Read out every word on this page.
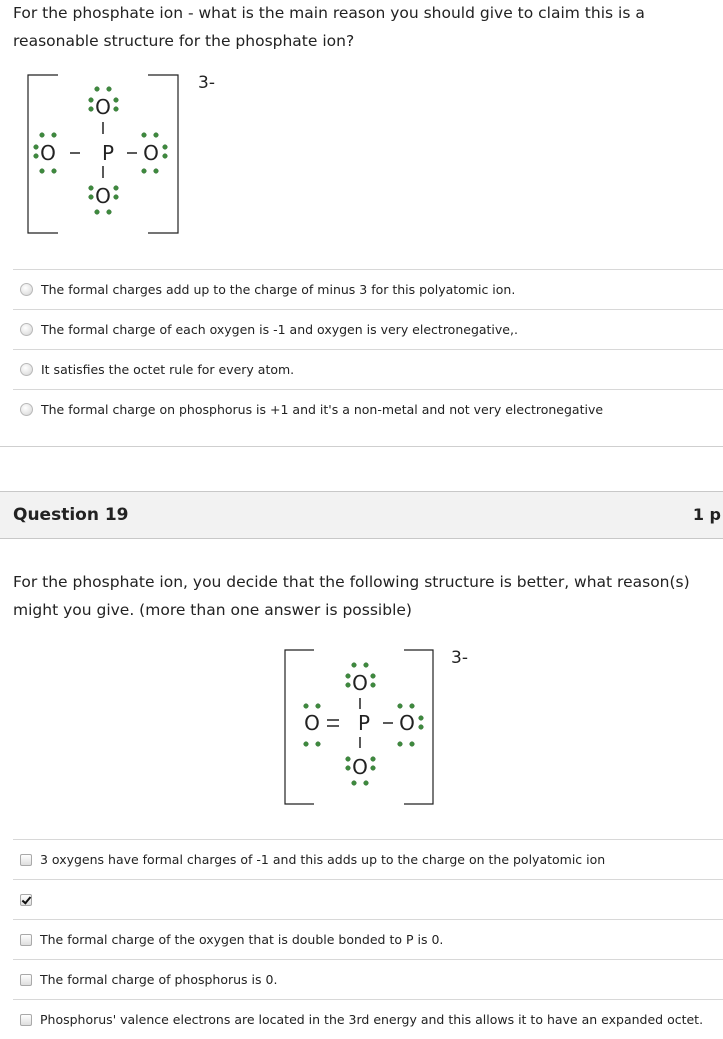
For the phosphate ion - what is the main reason you should give to claim this is a reasonable structure for the phosphate ion?
3-
O
O P O
O
The formal charges add up to the charge of minus 3 for this polyatomic ion.
The formal charge of each oxygen is -1 and oxygen is very electronegative,.
It satisfies the octet rule for every atom.
The formal charge on phosphorus is +1 and it's a non-metal and not very electronegative
Question 19	1 p
For the phosphate ion, you decide that the following structure is better, what reason(s) might you give. (more than one answer is possible)
3-
O
O P O
O
3 oxygens have formal charges of -1 and this adds up to the charge on the polyatomic ion
The formal charge of the oxygen that is double bonded to P is 0.
The formal charge of phosphorus is 0.
Phosphorus' valence electrons are located in the 3rd energy and this allows it to have an expanded octet.
